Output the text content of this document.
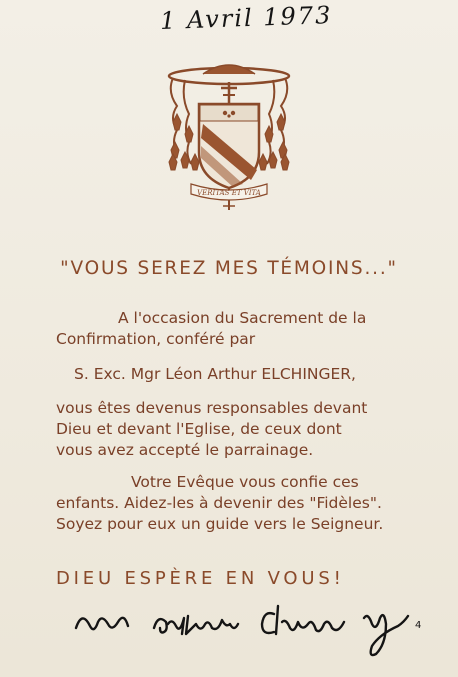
1 Avril 1973
VERITAS ET VITA
"VOUS SEREZ MES TÉMOINS..."
A l'occasion du Sacrement de la
Confirmation, conféré par
S. Exc. Mgr Léon Arthur ELCHINGER,
vous êtes devenus responsables devant
Dieu et devant l'Eglise, de ceux dont
vous avez accepté le parrainage.
Votre Evêque vous confie ces
enfants. Aidez-les à devenir des "Fidèles".
Soyez pour eux un guide vers le Seigneur.
DIEU ESPÈRE EN VOUS!
4
